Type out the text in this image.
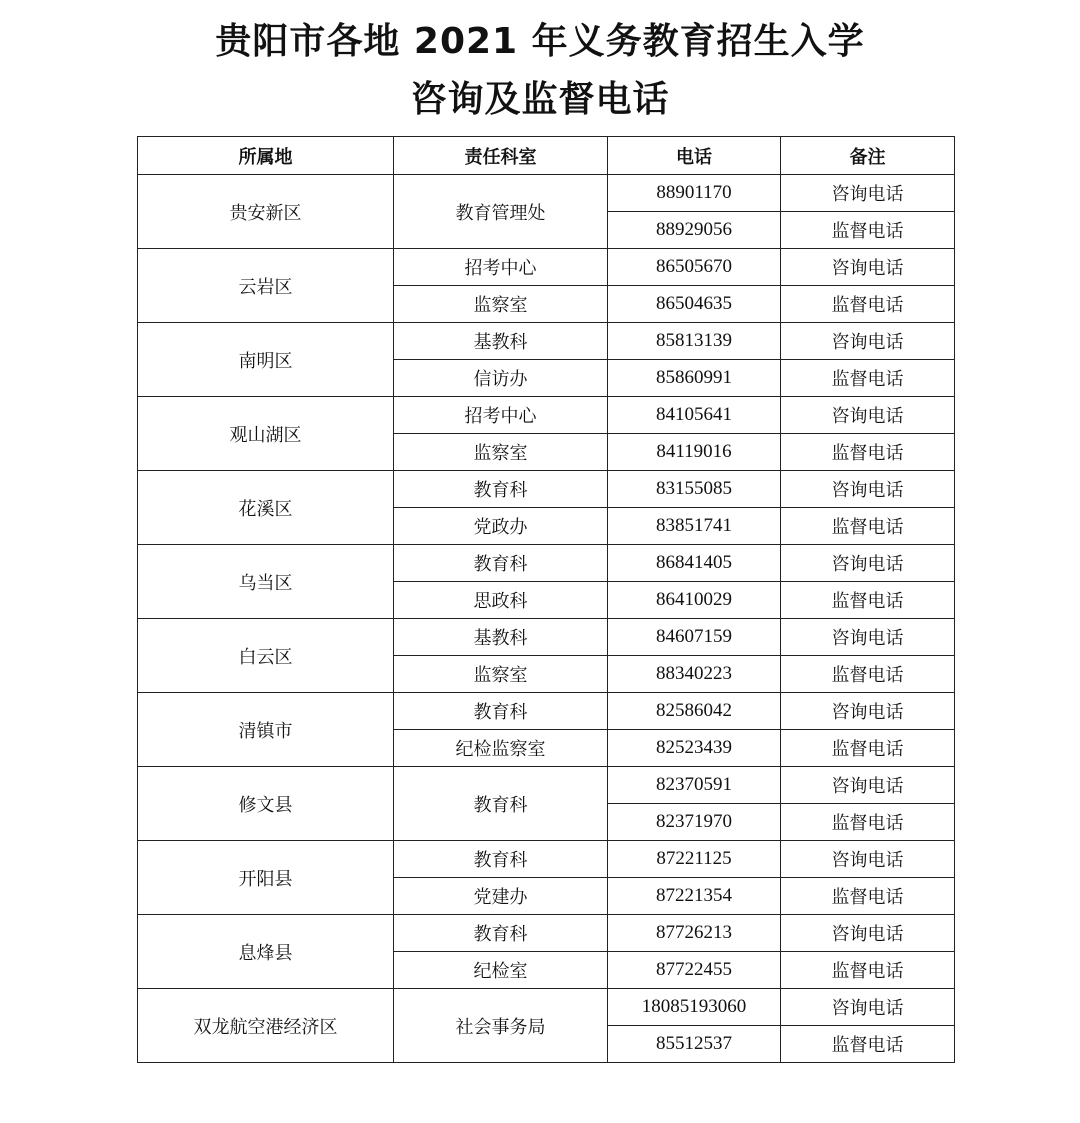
贵阳市各地 2021 年义务教育招生入学
咨询及监督电话
所属地	责任科室	电话	备注
贵安新区	教育管理处	88901170	咨询电话
		88929056	监督电话
云岩区	招考中心	86505670	咨询电话
	监察室	86504635	监督电话
南明区	基教科	85813139	咨询电话
	信访办	85860991	监督电话
观山湖区	招考中心	84105641	咨询电话
	监察室	84119016	监督电话
花溪区	教育科	83155085	咨询电话
	党政办	83851741	监督电话
乌当区	教育科	86841405	咨询电话
	思政科	86410029	监督电话
白云区	基教科	84607159	咨询电话
	监察室	88340223	监督电话
清镇市	教育科	82586042	咨询电话
	纪检监察室	82523439	监督电话
修文县	教育科	82370591	咨询电话
		82371970	监督电话
开阳县	教育科	87221125	咨询电话
	党建办	87221354	监督电话
息烽县	教育科	87726213	咨询电话
	纪检室	87722455	监督电话
双龙航空港经济区	社会事务局	18085193060	咨询电话
		85512537	监督电话
